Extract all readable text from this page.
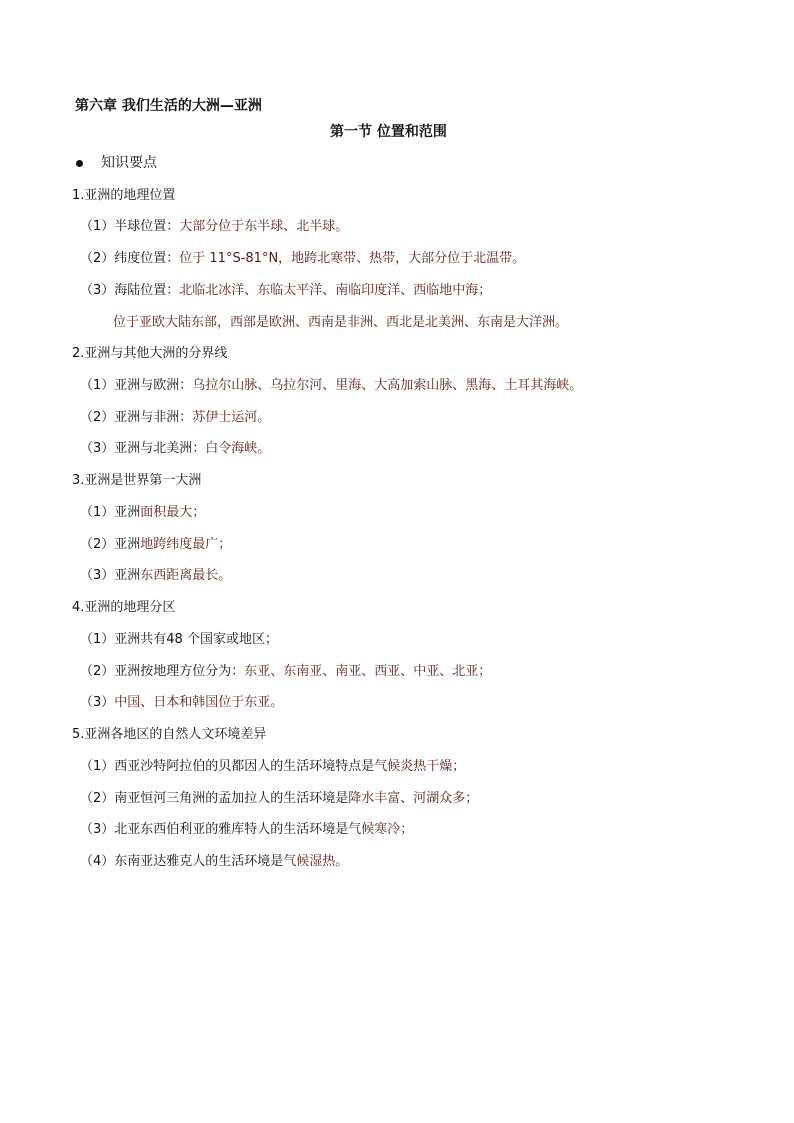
第六章 我们生活的大洲—亚洲
第一节 位置和范围
知识要点
1.亚洲的地理位置
（1）半球位置：大部分位于东半球、北半球。
（2）纬度位置：位于 11°S-81°N，地跨北寒带、热带，大部分位于北温带。
（3）海陆位置：北临北冰洋、东临太平洋、南临印度洋、西临地中海；
位于亚欧大陆东部，西部是欧洲、西南是非洲、西北是北美洲、东南是大洋洲。
2.亚洲与其他大洲的分界线
（1）亚洲与欧洲：乌拉尔山脉、乌拉尔河、里海、大高加索山脉、黑海、土耳其海峡。
（2）亚洲与非洲：苏伊士运河。
（3）亚洲与北美洲：白令海峡。
3.亚洲是世界第一大洲
（1）亚洲面积最大；
（2）亚洲地跨纬度最广；
（3）亚洲东西距离最长。
4.亚洲的地理分区
（1）亚洲共有48 个国家或地区；
（2）亚洲按地理方位分为：东亚、东南亚、南亚、西亚、中亚、北亚；
（3）中国、日本和韩国位于东亚。
5.亚洲各地区的自然人文环境差异
（1）西亚沙特阿拉伯的贝都因人的生活环境特点是气候炎热干燥；
（2）南亚恒河三角洲的孟加拉人的生活环境是降水丰富、河湖众多；
（3）北亚东西伯利亚的雅库特人的生活环境是气候寒冷；
（4）东南亚达雅克人的生活环境是气候湿热。
